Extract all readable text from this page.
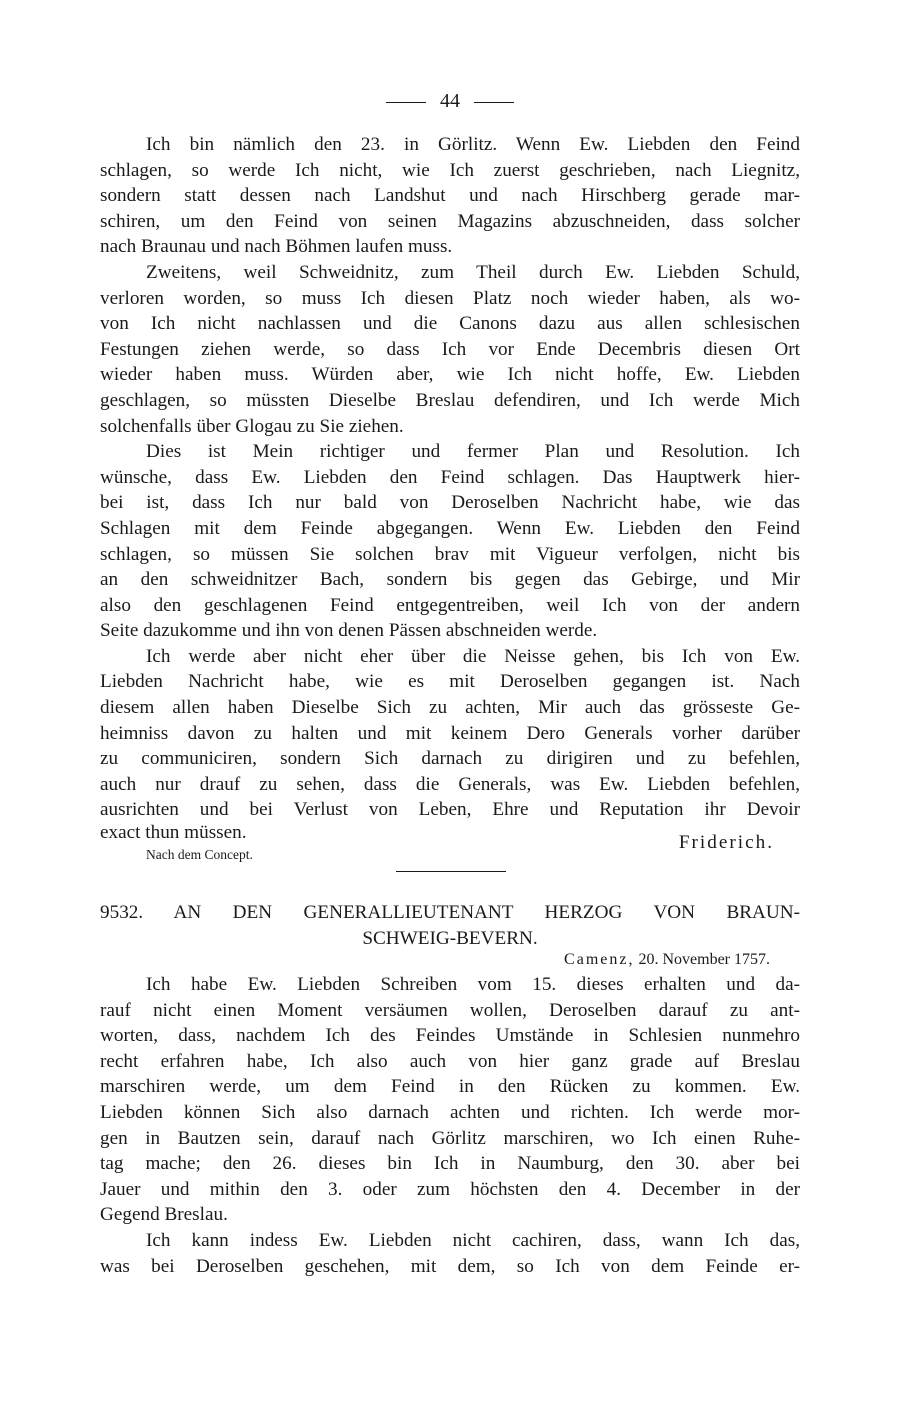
44
Ich bin nämlich den 23. in Görlitz. Wenn Ew. Liebden den Feind
schlagen, so werde Ich nicht, wie Ich zuerst geschrieben, nach Liegnitz,
sondern statt dessen nach Landshut und nach Hirschberg gerade mar-
schiren, um den Feind von seinen Magazins abzuschneiden, dass solcher
nach Braunau und nach Böhmen laufen muss.
Zweitens, weil Schweidnitz, zum Theil durch Ew. Liebden Schuld,
verloren worden, so muss Ich diesen Platz noch wieder haben, als wo-
von Ich nicht nachlassen und die Canons dazu aus allen schlesischen
Festungen ziehen werde, so dass Ich vor Ende Decembris diesen Ort
wieder haben muss. Würden aber, wie Ich nicht hoffe, Ew. Liebden
geschlagen, so müssten Dieselbe Breslau defendiren, und Ich werde Mich
solchenfalls über Glogau zu Sie ziehen.
Dies ist Mein richtiger und fermer Plan und Resolution. Ich
wünsche, dass Ew. Liebden den Feind schlagen. Das Hauptwerk hier-
bei ist, dass Ich nur bald von Deroselben Nachricht habe, wie das
Schlagen mit dem Feinde abgegangen. Wenn Ew. Liebden den Feind
schlagen, so müssen Sie solchen brav mit Vigueur verfolgen, nicht bis
an den schweidnitzer Bach, sondern bis gegen das Gebirge, und Mir
also den geschlagenen Feind entgegentreiben, weil Ich von der andern
Seite dazukomme und ihn von denen Pässen abschneiden werde.
Ich werde aber nicht eher über die Neisse gehen, bis Ich von Ew.
Liebden Nachricht habe, wie es mit Deroselben gegangen ist. Nach
diesem allen haben Dieselbe Sich zu achten, Mir auch das grösseste Ge-
heimniss davon zu halten und mit keinem Dero Generals vorher darüber
zu communiciren, sondern Sich darnach zu dirigiren und zu befehlen,
auch nur drauf zu sehen, dass die Generals, was Ew. Liebden befehlen,
ausrichten und bei Verlust von Leben, Ehre und Reputation ihr Devoir
exact thun müssen.	Friderich.
Nach dem Concept.
9532. AN DEN GENERALLIEUTENANT HERZOG VON BRAUN-
SCHWEIG-BEVERN.
Camenz, 20. November 1757.
Ich habe Ew. Liebden Schreiben vom 15. dieses erhalten und da-
rauf nicht einen Moment versäumen wollen, Deroselben darauf zu ant-
worten, dass, nachdem Ich des Feindes Umstände in Schlesien nunmehro
recht erfahren habe, Ich also auch von hier ganz grade auf Breslau
marschiren werde, um dem Feind in den Rücken zu kommen. Ew.
Liebden können Sich also darnach achten und richten. Ich werde mor-
gen in Bautzen sein, darauf nach Görlitz marschiren, wo Ich einen Ruhe-
tag mache; den 26. dieses bin Ich in Naumburg, den 30. aber bei
Jauer und mithin den 3. oder zum höchsten den 4. December in der
Gegend Breslau.
Ich kann indess Ew. Liebden nicht cachiren, dass, wann Ich das,
was bei Deroselben geschehen, mit dem, so Ich von dem Feinde er-
